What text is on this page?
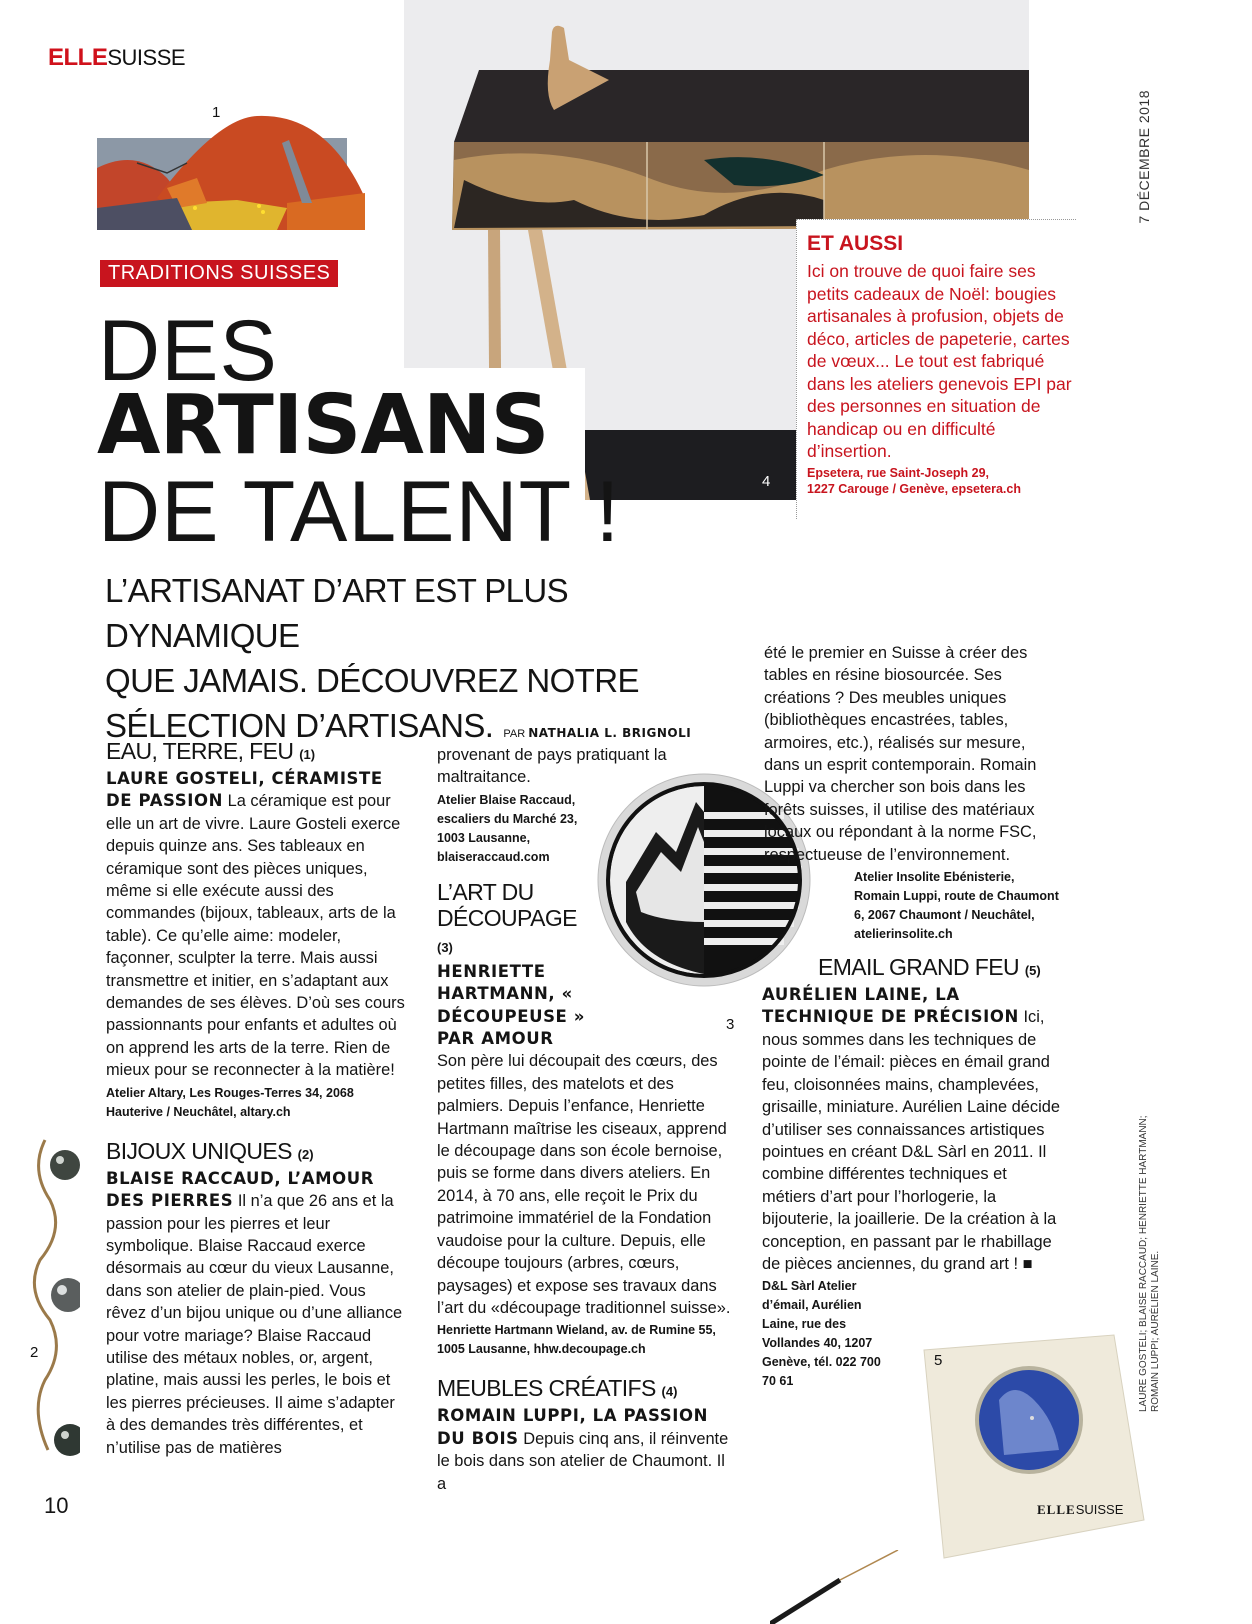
ELLESUISSE
7 DÉCEMBRE 2018
1
TRADITIONS SUISSES
4
DES
ARTISANS
DE TALENT !
ET AUSSI

Ici on trouve de quoi faire ses petits cadeaux de Noël: bougies artisanales à profusion, objets de déco, articles de papeterie, cartes de vœux... Le tout est fabriqué dans les ateliers genevois EPI par des personnes en situation de handicap ou en difficulté d’insertion.

Epsetera, rue Saint-Joseph 29,
1227 Carouge / Genève, epsetera.ch

L’ARTISANAT D’ART EST PLUS DYNAMIQUE
QUE JAMAIS. DÉCOUVREZ NOTRE
SÉLECTION D’ARTISANS. PAR NATHALIA L. BRIGNOLI
EAU, TERRE, FEU (1)

LAURE GOSTELI, CÉRAMISTE DE PASSION La céramique est pour elle un art de vivre. Laure Gosteli exerce depuis quinze ans. Ses tableaux en céramique sont des pièces uniques, même si elle exécute aussi des commandes (bijoux, tableaux, arts de la table). Ce qu’elle aime: modeler, façonner, sculpter la terre. Mais aussi transmettre et initier, en s’adaptant aux demandes de ses élèves. D’où ses cours passionnants pour enfants et adultes où on apprend les arts de la terre. Rien de mieux pour se reconnecter à la matière!

Atelier Altary, Les Rouges-Terres 34, 2068 Hauterive / Neuchâtel, altary.ch
BIJOUX UNIQUES (2)

BLAISE RACCAUD, L’AMOUR DES PIERRES Il n’a que 26 ans et la passion pour les pierres et leur symbolique. Blaise Raccaud exerce désormais au cœur du vieux Lausanne, dans son atelier de plain-pied. Vous rêvez d’un bijou unique ou d’une alliance pour votre mariage? Blaise Raccaud utilise des métaux nobles, or, argent, platine, mais aussi les perles, le bois et les pierres précieuses. Il aime s’adapter à des demandes très différentes, et n’utilise pas de matières

provenant de pays pratiquant la maltraitance.

Atelier Blaise Raccaud, escaliers du Marché 23, 1003 Lausanne, blaiseraccaud.com
L’ART DU DÉCOUPAGE (3)

HENRIETTE HARTMANN, « DÉCOUPEUSE » PAR AMOUR
Son père lui découpait des cœurs, des petites filles, des matelots et des palmiers. Depuis l’enfance, Henriette Hartmann maîtrise les ciseaux, apprend le découpage dans son école bernoise, puis se forme dans divers ateliers. En 2014, à 70 ans, elle reçoit le Prix du patrimoine immatériel de la Fondation vaudoise pour la culture. Depuis, elle découpe toujours (arbres, cœurs, paysages) et expose ses travaux dans l’art du «découpage traditionnel suisse».

Henriette Hartmann Wieland, av. de Rumine 55, 1005 Lausanne, hhw.decoupage.ch
MEUBLES CRÉATIFS (4)

ROMAIN LUPPI, LA PASSION DU BOIS Depuis cinq ans, il réinvente le bois dans son atelier de Chaumont. Il a

3

été le premier en Suisse à créer des tables en résine biosourcée. Ses créations ? Des meubles uniques (bibliothèques encastrées, tables, armoires, etc.), réalisés sur mesure, dans un esprit contemporain. Romain Luppi va chercher son bois dans les forêts suisses, il utilise des matériaux locaux ou répondant à la norme FSC, respectueuse de l’environnement.

Atelier Insolite Ebénisterie, Romain Luppi, route de Chaumont 6, 2067 Chaumont / Neuchâtel, atelierinsolite.ch
EMAIL GRAND FEU (5)

AURÉLIEN LAINE, LA TECHNIQUE DE PRÉCISION Ici, nous sommes dans les techniques de pointe de l’émail: pièces en émail grand feu, cloisonnées mains, champlevées, grisaille, miniature. Aurélien Laine décide d’utiliser ses connaissances artistiques pointues en créant D&L Sàrl en 2011. Il combine différentes techniques et métiers d’art pour l’horlogerie, la bijouterie, la joaillerie. De la création à la conception, en passant par le rhabillage de pièces anciennes, du grand art ! ■

D&L Sàrl Atelier d’émail, Aurélien Laine, rue des Vollandes 40, 1207 Genève, tél. 022 700 70 61
2	5	LAURE GOSTELI; BLAISE RACCAUD; HENRIETTE HARTMANN; ROMAIN LUPPI; AURÉLIEN LAINE.
10	ELLESUISSE
